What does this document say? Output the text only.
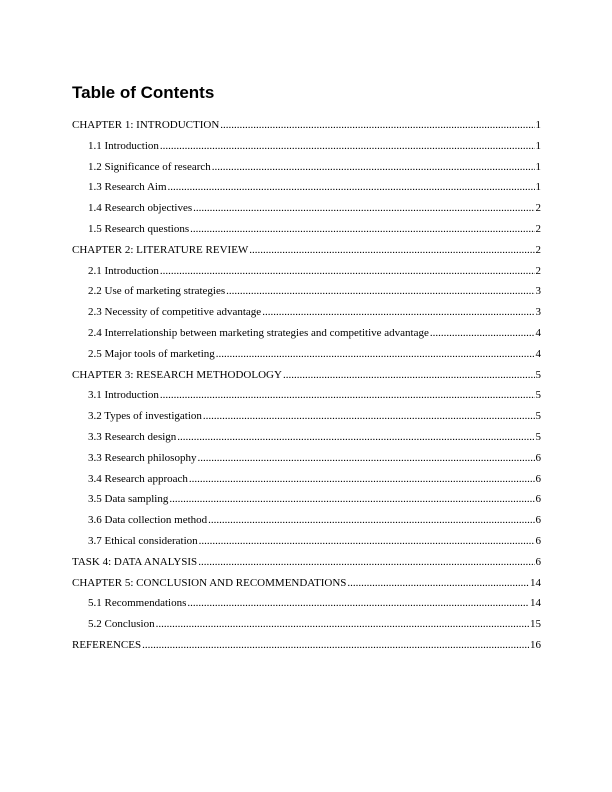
Table of Contents
CHAPTER 1: INTRODUCTION .....	1
1.1 Introduction .....	1
1.2 Significance of research .....	1
1.3 Research Aim .....	1
1.4 Research objectives .....	2
1.5 Research questions .....	2
CHAPTER 2: LITERATURE REVIEW .....	2
2.1 Introduction .....	2
2.2 Use of marketing strategies .....	3
2.3 Necessity of competitive advantage .....	3
2.4 Interrelationship between marketing strategies and competitive advantage .....	4
2.5 Major tools of marketing .....	4
CHAPTER 3: RESEARCH METHODOLOGY .....	5
3.1 Introduction .....	5
3.2 Types of investigation .....	5
3.3 Research design .....	5
3.3 Research philosophy .....	6
3.4 Research approach .....	6
3.5 Data sampling .....	6
3.6 Data collection method .....	6
3.7 Ethical consideration .....	6
TASK 4: DATA ANALYSIS .....	6
CHAPTER 5: CONCLUSION AND RECOMMENDATIONS .....	14
5.1 Recommendations .....	14
5.2 Conclusion .....	15
REFERENCES .....	16
